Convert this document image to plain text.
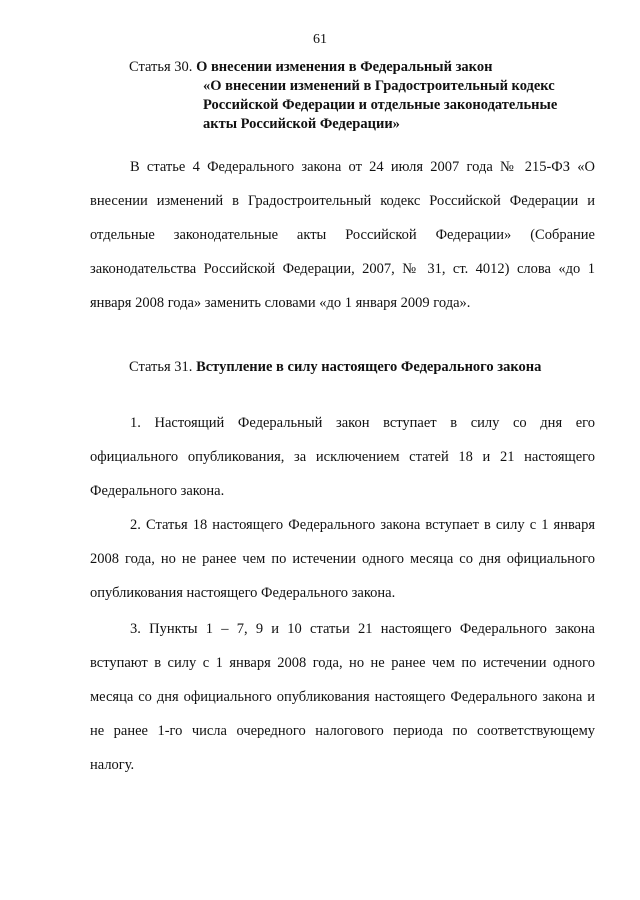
61
Статья 30. О внесении изменения в Федеральный закон
«О внесении изменений в Градостроительный кодекс
Российской Федерации и отдельные законодательные
акты Российской Федерации»

В статье 4 Федерального закона от 24 июля 2007 года № 215-ФЗ «О внесении изменений в Градостроительный кодекс Российской Федерации и отдельные законодательные акты Российской Федерации» (Собрание законодательства Российской Федерации, 2007, № 31, ст. 4012) слова «до 1 января 2008 года» заменить словами «до 1 января 2009 года».

Статья 31. Вступление в силу настоящего Федерального закона

1. Настоящий Федеральный закон вступает в силу со дня его официального опубликования, за исключением статей 18 и 21 настоящего Федерального закона.

2. Статья 18 настоящего Федерального закона вступает в силу с 1 января 2008 года, но не ранее чем по истечении одного месяца со дня официального опубликования настоящего Федерального закона.

3. Пункты 1 – 7, 9 и 10 статьи 21 настоящего Федерального закона вступают в силу с 1 января 2008 года, но не ранее чем по истечении одного месяца со дня официального опубликования настоящего Федерального закона и не ранее 1-го числа очередного налогового периода по соответствующему налогу.
